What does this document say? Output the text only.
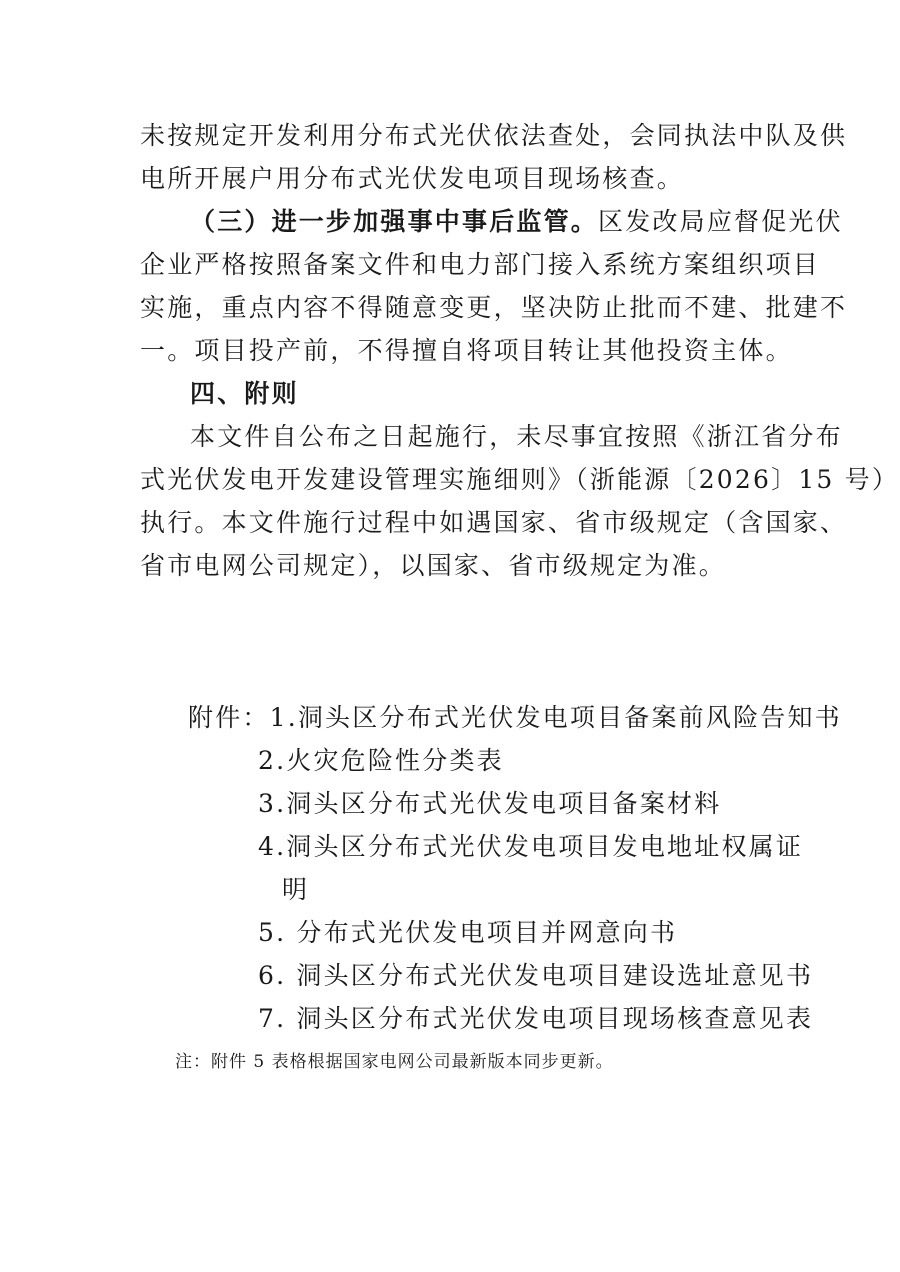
未按规定开发利用分布式光伏依法查处，会同执法中队及供
电所开展户用分布式光伏发电项目现场核查。
（三）进一步加强事中事后监管。区发改局应督促光伏
企业严格按照备案文件和电力部门接入系统方案组织项目
实施，重点内容不得随意变更，坚决防止批而不建、批建不
一。项目投产前，不得擅自将项目转让其他投资主体。
四、附则
本文件自公布之日起施行，未尽事宜按照《浙江省分布
式光伏发电开发建设管理实施细则》（浙能源〔2026〕15 号）
执行。本文件施行过程中如遇国家、省市级规定（含国家、
省市电网公司规定），以国家、省市级规定为准。
附件：1.洞头区分布式光伏发电项目备案前风险告知书
2.火灾危险性分类表
3.洞头区分布式光伏发电项目备案材料
4.洞头区分布式光伏发电项目发电地址权属证
明
5. 分布式光伏发电项目并网意向书
6. 洞头区分布式光伏发电项目建设选址意见书
7. 洞头区分布式光伏发电项目现场核查意见表
注：附件 5 表格根据国家电网公司最新版本同步更新。
